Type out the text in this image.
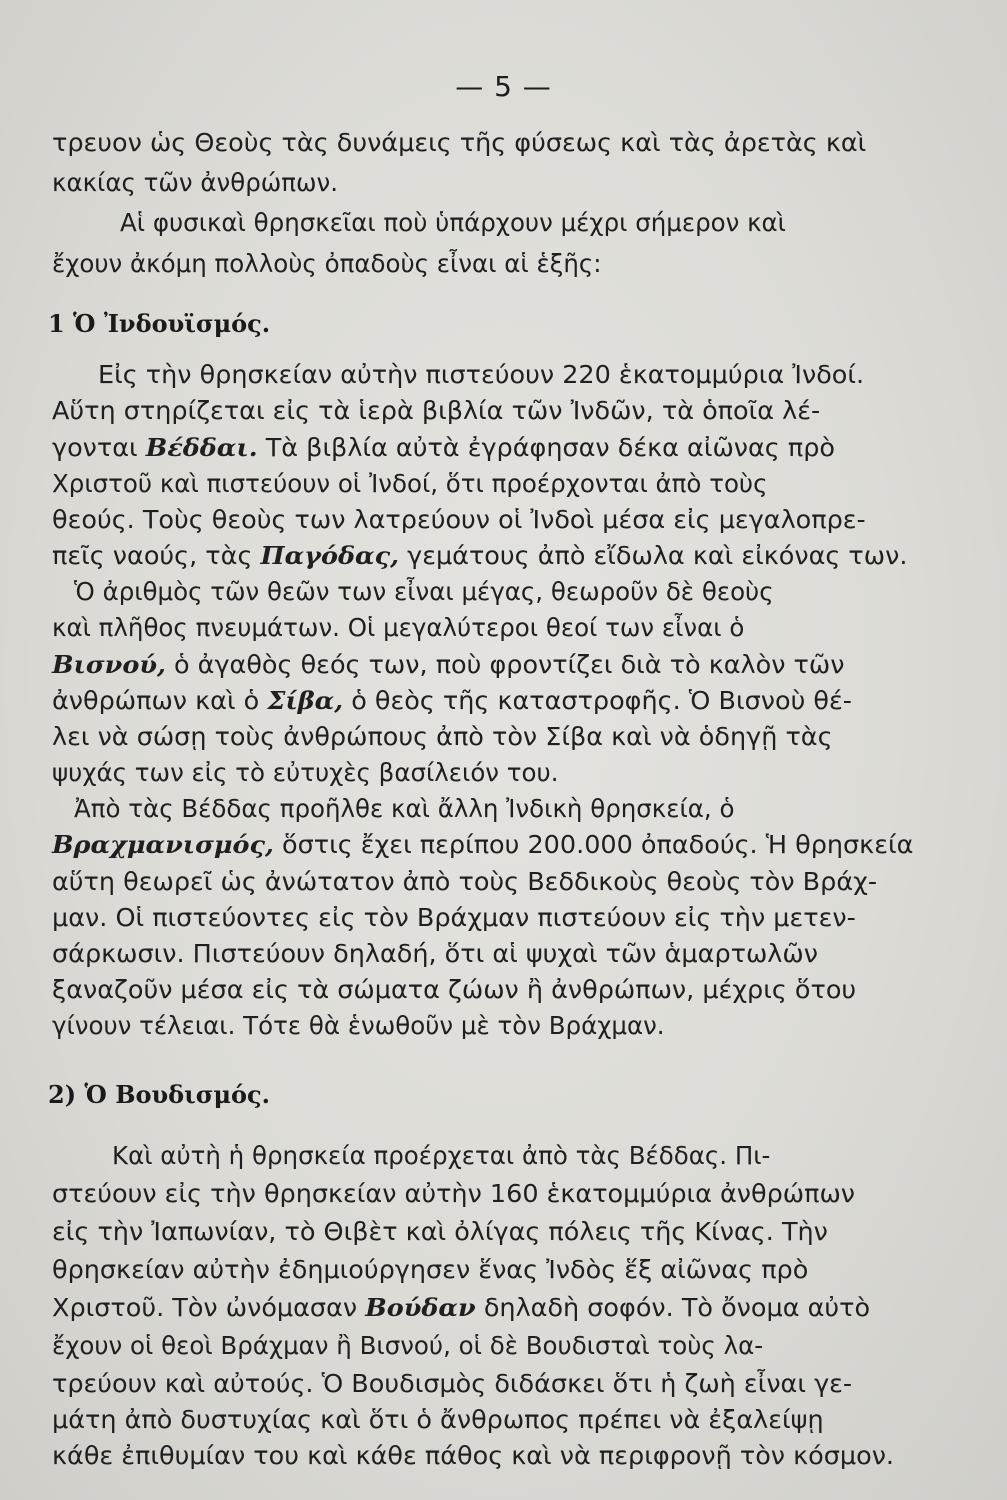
— 5 —
τρευον ὡς Θεοὺς τὰς δυνάμεις τῆς φύσεως καὶ τὰς ἀρετὰς καὶ
κακίας τῶν ἀνθρώπων.
Αἱ φυσικαὶ θρησκεῖαι ποὺ ὑπάρχουν μέχρι σήμερον καὶ
ἔχουν ἀκόμη πολλοὺς ὀπαδοὺς εἶναι αἱ ἑξῆς:
1 Ὁ Ἰνδουϊσμός.
Εἰς τὴν θρησκείαν αὐτὴν πιστεύουν 220 ἑκατομμύρια Ἰνδοί.
Αὕτη στηρίζεται εἰς τὰ ἱερὰ βιβλία τῶν Ἰνδῶν, τὰ ὁποῖα λέ-
γονται Βέδδαι. Τὰ βιβλία αὐτὰ ἐγράφησαν δέκα αἰῶνας πρὸ
Χριστοῦ καὶ πιστεύουν οἱ Ἰνδοί, ὅτι προέρχονται ἀπὸ τοὺς
θεούς. Τοὺς θεοὺς των λατρεύουν οἱ Ἰνδοὶ μέσα εἰς μεγαλοπρε-
πεῖς ναούς, τὰς Παγόδας, γεμάτους ἀπὸ εἴδωλα καὶ εἰκόνας των.
Ὁ ἀριθμὸς τῶν θεῶν των εἶναι μέγας, θεωροῦν δὲ θεοὺς
καὶ πλῆθος πνευμάτων. Οἱ μεγαλύτεροι θεοί των εἶναι ὁ
Βισνού, ὁ ἀγαθὸς θεός των, ποὺ φροντίζει διὰ τὸ καλὸν τῶν
ἀνθρώπων καὶ ὁ Σίβα, ὁ θεὸς τῆς καταστροφῆς. Ὁ Βισνοὺ θέ-
λει νὰ σώσῃ τοὺς ἀνθρώπους ἀπὸ τὸν Σίβα καὶ νὰ ὁδηγῇ τὰς
ψυχάς των εἰς τὸ εὐτυχὲς βασίλειόν του.
Ἀπὸ τὰς Βέδδας προῆλθε καὶ ἄλλη Ἰνδικὴ θρησκεία, ὁ
Βραχμανισμός, ὅστις ἔχει περίπου 200.000 ὀπαδούς. Ἡ θρησκεία
αὕτη θεωρεῖ ὡς ἀνώτατον ἀπὸ τοὺς Βεδδικοὺς θεοὺς τὸν Βράχ-
μαν. Οἱ πιστεύοντες εἰς τὸν Βράχμαν πιστεύουν εἰς τὴν μετεν-
σάρκωσιν. Πιστεύουν δηλαδή, ὅτι αἱ ψυχαὶ τῶν ἁμαρτωλῶν
ξαναζοῦν μέσα εἰς τὰ σώματα ζώων ἢ ἀνθρώπων, μέχρις ὅτου
γίνουν τέλειαι. Τότε θὰ ἑνωθοῦν μὲ τὸν Βράχμαν.
2) Ὁ Βουδισμός.
Καὶ αὐτὴ ἡ θρησκεία προέρχεται ἀπὸ τὰς Βέδδας. Πι-
στεύουν εἰς τὴν θρησκείαν αὐτὴν 160 ἑκατομμύρια ἀνθρώπων
εἰς τὴν Ἰαπωνίαν, τὸ Θιβὲτ καὶ ὀλίγας πόλεις τῆς Κίνας. Τὴν
θρησκείαν αὐτὴν ἐδημιούργησεν ἕνας Ἰνδὸς ἕξ αἰῶνας πρὸ
Χριστοῦ. Τὸν ὠνόμασαν Βούδαν δηλαδὴ σοφόν. Τὸ ὄνομα αὐτὸ
ἔχουν οἱ θεοὶ Βράχμαν ἢ Βισνού, οἱ δὲ Βουδισταὶ τοὺς λα-
τρεύουν καὶ αὐτούς. Ὁ Βουδισμὸς διδάσκει ὅτι ἡ ζωὴ εἶναι γε-
μάτη ἀπὸ δυστυχίας καὶ ὅτι ὁ ἄνθρωπος πρέπει νὰ ἐξαλείψῃ
κάθε ἐπιθυμίαν του καὶ κάθε πάθος καὶ νὰ περιφρονῇ τὸν κόσμον.
